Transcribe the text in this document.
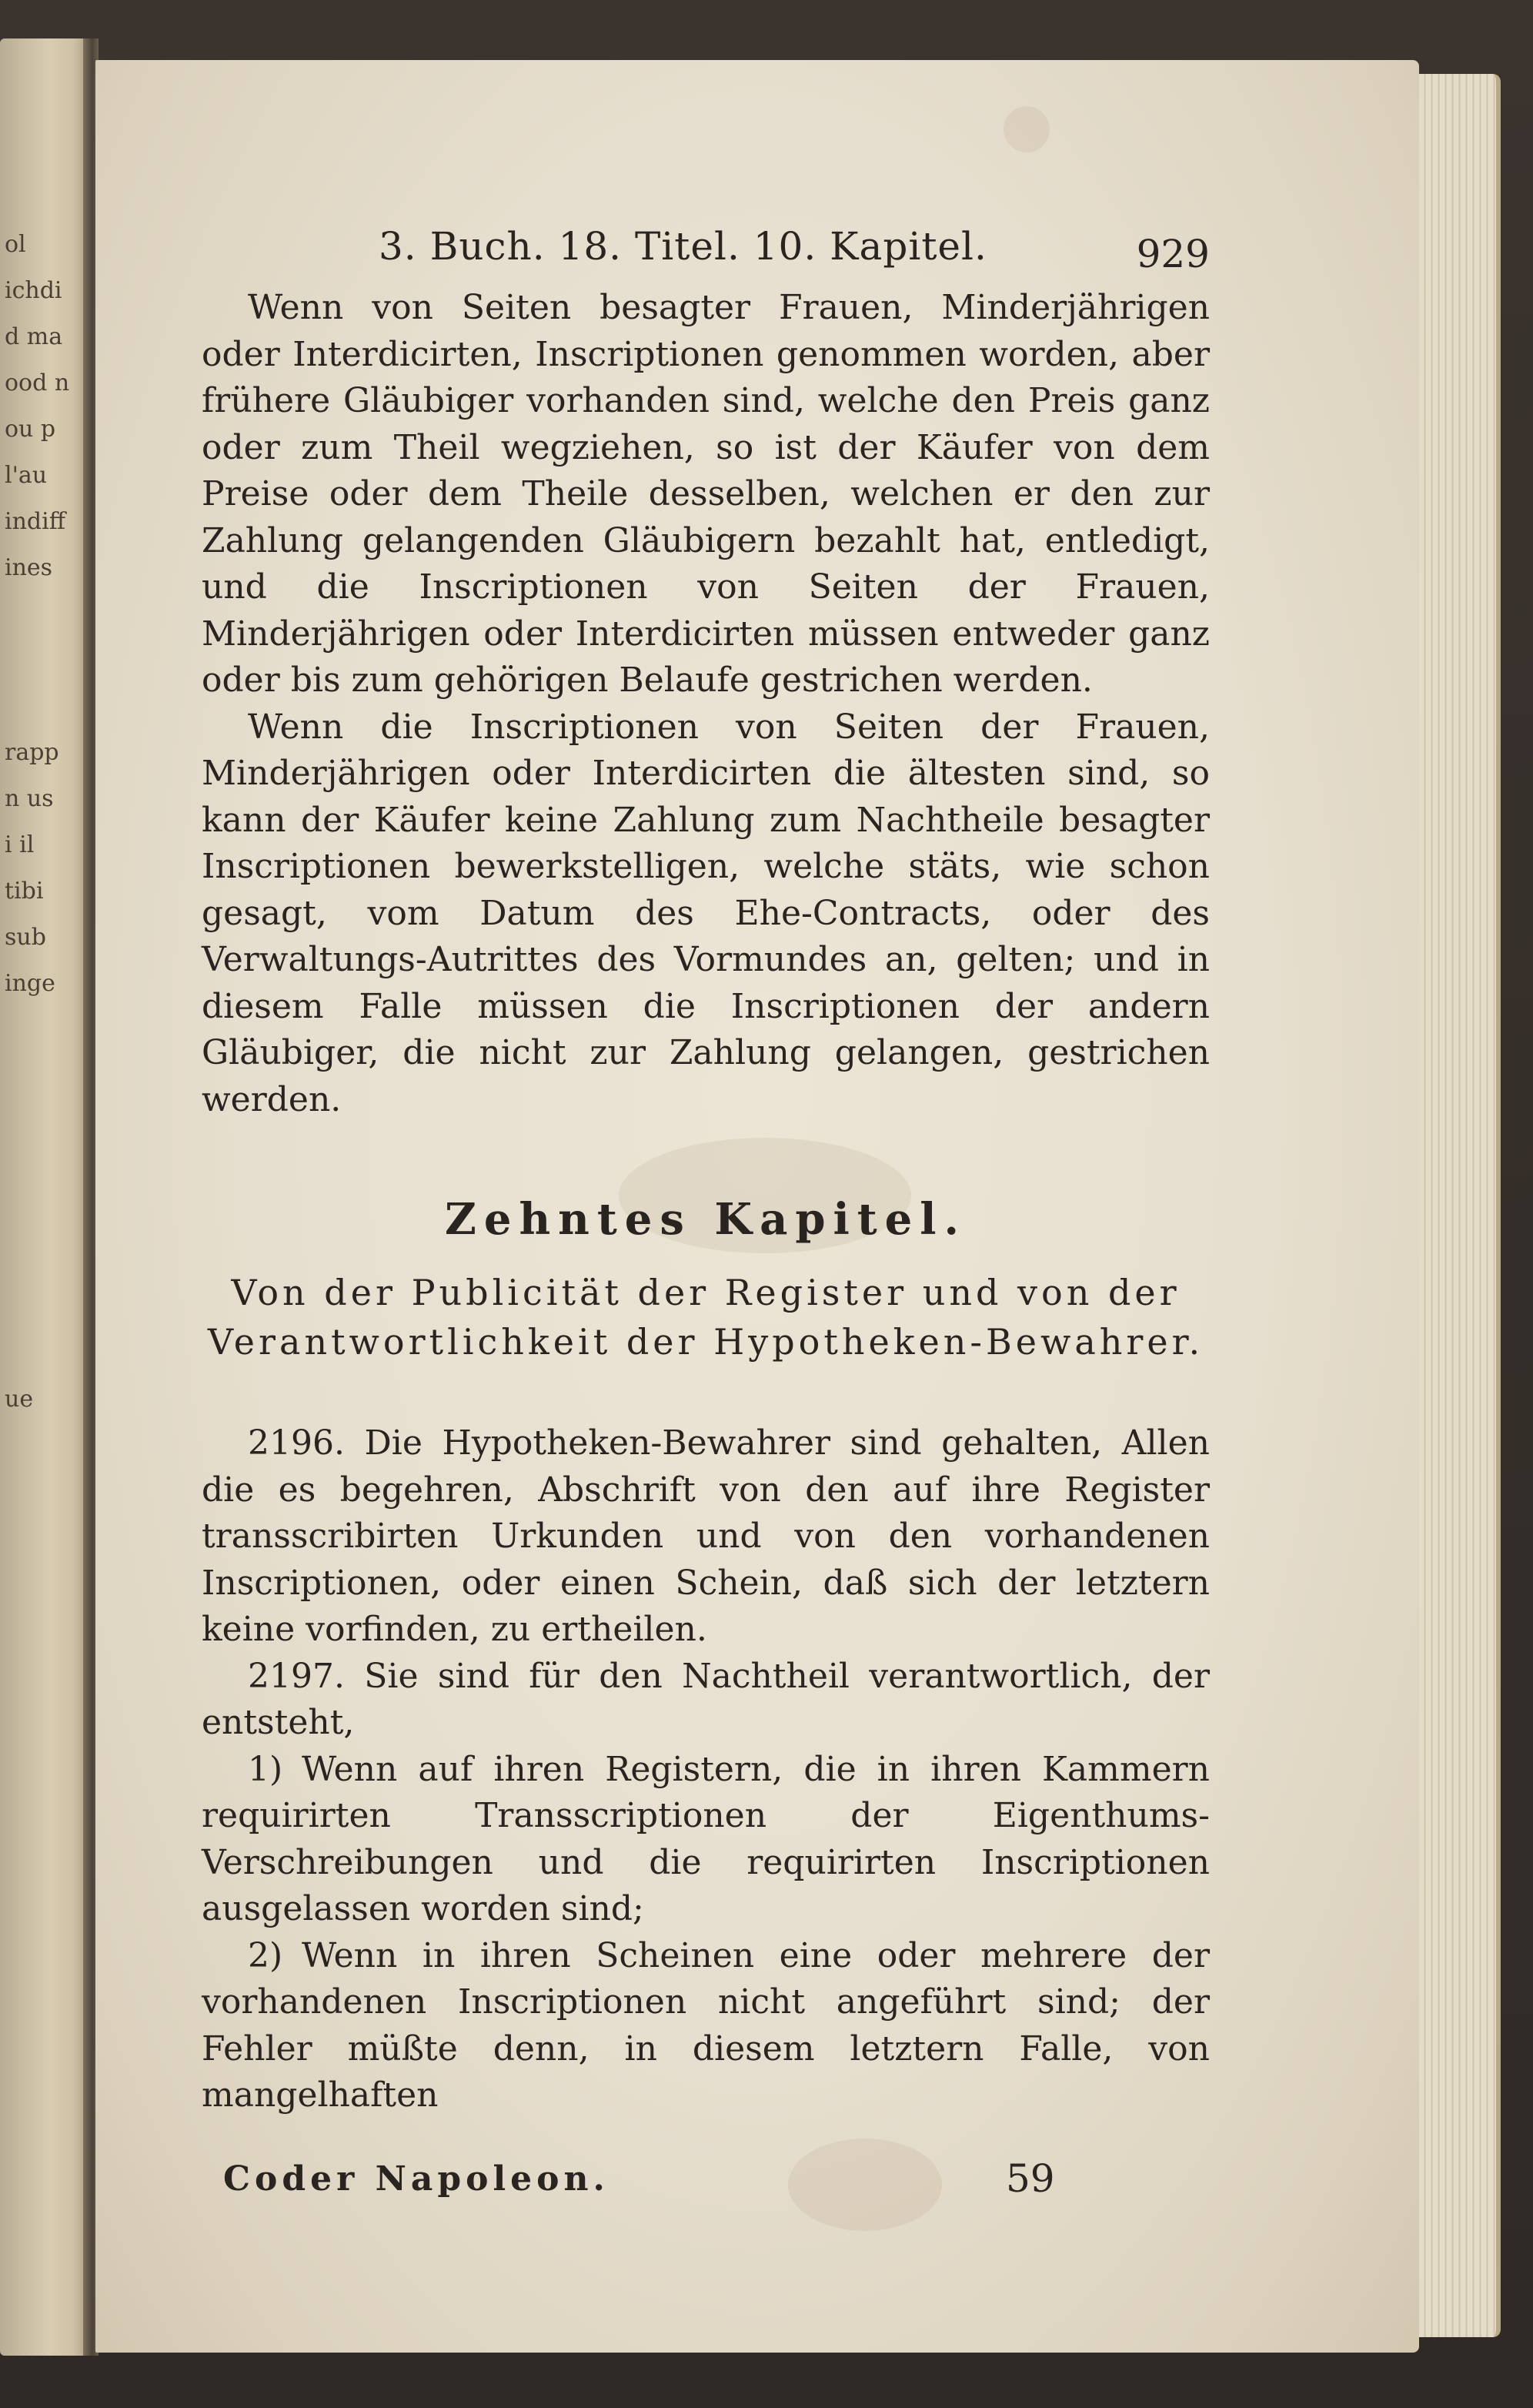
ol
ichdi
d ma
ood n
ou p
l'au
indiff
ines
rapp
n us
i il
tibi
sub
inge
ue
3. Buch. 18. Titel. 10. Kapitel.	929

Wenn von Seiten besagter Frauen, Minderjährigen oder Interdicirten, Inscriptionen genommen worden, aber frühere Gläubiger vorhanden sind, welche den Preis ganz oder zum Theil wegziehen, so ist der Käufer von dem Preise oder dem Theile desselben, welchen er den zur Zahlung gelangenden Gläubigern bezahlt hat, entledigt, und die Inscriptionen von Seiten der Frauen, Minderjährigen oder Interdicirten müssen entweder ganz oder bis zum gehörigen Belaufe gestrichen werden.

Wenn die Inscriptionen von Seiten der Frauen, Minderjährigen oder Interdicirten die ältesten sind, so kann der Käufer keine Zahlung zum Nachtheile besagter Inscriptionen bewerkstelligen, welche stäts, wie schon gesagt, vom Datum des Ehe-Contracts, oder des Verwaltungs-Autrittes des Vormundes an, gelten; und in diesem Falle müssen die Inscriptionen der andern Gläubiger, die nicht zur Zahlung gelangen, gestrichen werden.

Zehntes Kapitel.
Von der Publicität der Register und von der
Verantwortlichkeit der Hypotheken-Bewahrer.

2196. Die Hypotheken-Bewahrer sind gehalten, Allen die es begehren, Abschrift von den auf ihre Register transscribirten Urkunden und von den vorhandenen Inscriptionen, oder einen Schein, daß sich der letztern keine vorfinden, zu ertheilen.

2197. Sie sind für den Nachtheil verantwortlich, der entsteht,

1) Wenn auf ihren Registern, die in ihren Kammern requirirten Transscriptionen der Eigenthums-Verschreibungen und die requirirten Inscriptionen ausgelassen worden sind;

2) Wenn in ihren Scheinen eine oder mehrere der vorhandenen Inscriptionen nicht angeführt sind; der Fehler müßte denn, in diesem letztern Falle, von mangelhaften

Coder Napoleon.	59
